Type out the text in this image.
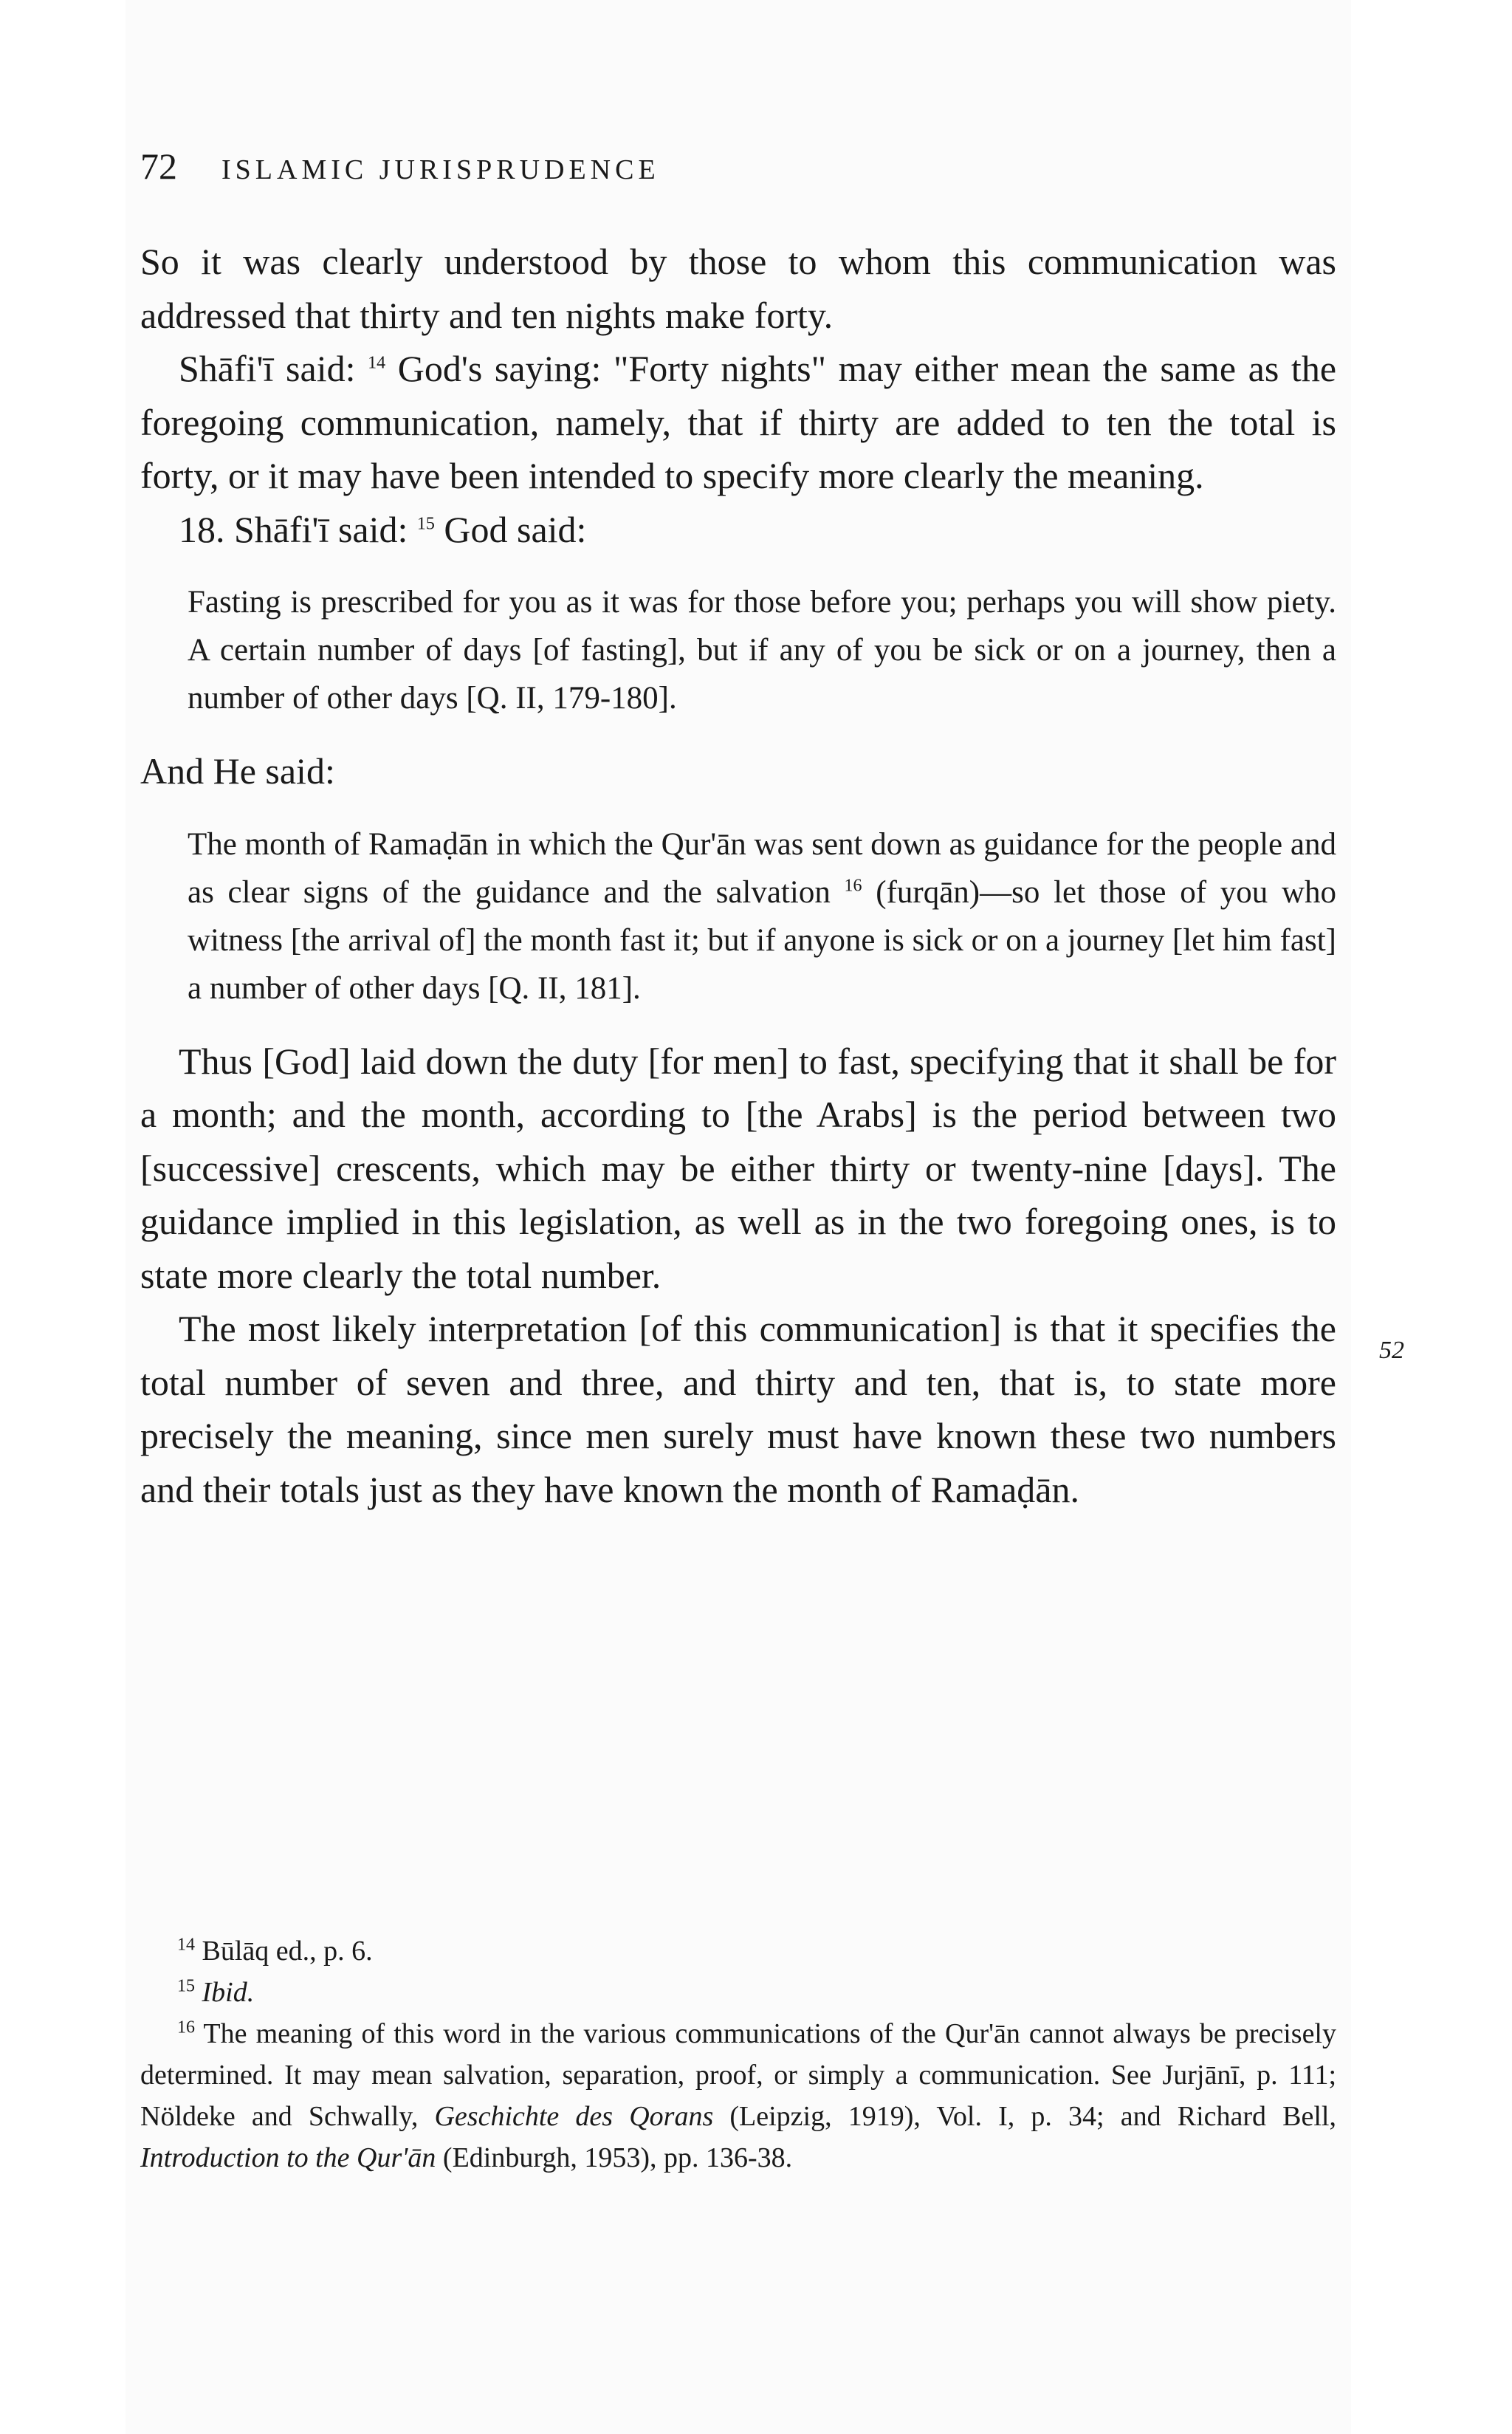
72 ISLAMIC JURISPRUDENCE

So it was clearly understood by those to whom this communication was addressed that thirty and ten nights make forty.

Shāfi'ī said: $^{14}$ God's saying: "Forty nights" may either mean the same as the foregoing communication, namely, that if thirty are added to ten the total is forty, or it may have been intended to specify more clearly the meaning.

18. Shāfi'ī said: $^{15}$ God said:

Fasting is prescribed for you as it was for those before you; perhaps you will show piety. A certain number of days [of fasting], but if any of you be sick or on a journey, then a number of other days [Q. II, 179-180].

And He said:

The month of Ramaḍān in which the Qur'ān was sent down as guidance for the people and as clear signs of the guidance and the salvation $^{16}$ (furqān)—so let those of you who witness [the arrival of] the month fast it; but if anyone is sick or on a journey [let him fast] a number of other days [Q. II, 181].

Thus [God] laid down the duty [for men] to fast, specifying that it shall be for a month; and the month, according to [the Arabs] is the period between two [successive] crescents, which may be either thirty or twenty-nine [days]. The guidance implied in this legislation, as well as in the two foregoing ones, is to state more clearly the total number.

The most likely interpretation [of this communication] is that it specifies the total number of seven and three, and thirty and ten, that is, to state more precisely the meaning, since men surely must have known these two numbers and their totals just as they have known the month of Ramaḍān.

52

$^{14}$ Būlāq ed., p. 6.

$^{15}$ Ibid.

$^{16}$ The meaning of this word in the various communications of the Qur'ān cannot always be precisely determined. It may mean salvation, separation, proof, or simply a communication. See Jurjānī, p. 111; Nöldeke and Schwally, Geschichte des Qorans (Leipzig, 1919), Vol. I, p. 34; and Richard Bell, Introduction to the Qur'ān (Edinburgh, 1953), pp. 136-38.
